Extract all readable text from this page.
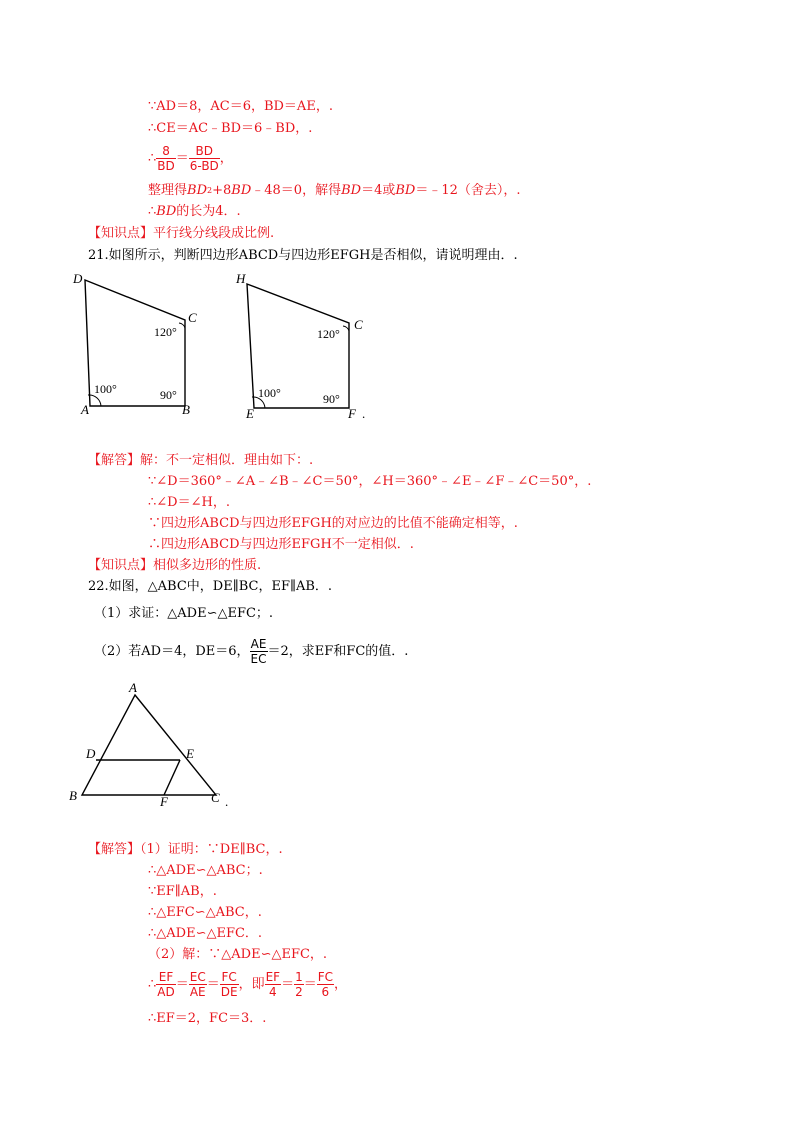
∵AD＝8，AC＝6，BD＝AE，.
∴CE＝AC﹣BD＝6﹣BD，.
∴ $\frac{8}{BD} = \frac{BD}{6-BD}$ ，
整理得$BD^2+8BD﹣48=0$，解得BD＝4或BD＝﹣12（舍去），.
∴BD的长为4．.
【知识点】平行线分线段成比例.
21.如图所示，判断四边形ABCD与四边形EFGH是否相似，请说明理由．.
D
C
120°
100°	90°
A	B
H
C
120°
100°	90°
E	F .
【解答】解：不一定相似．理由如下：.
∵∠D＝360°﹣∠A﹣∠B﹣∠C＝50°，∠H＝360°﹣∠E﹣∠F﹣∠C＝50°，.
∴∠D＝∠H，.
∵四边形ABCD与四边形EFGH的对应边的比值不能确定相等，.
∴四边形ABCD与四边形EFGH不一定相似．.
【知识点】相似多边形的性质.
22.如图，△ABC中，DE∥BC，EF∥AB．.
（1）求证：△ADE∽△EFC；.
（2）若AD＝4，DE＝6， $\frac{AE}{EC} =2$，求EF和FC的值．.
A
D	E
B	F	C .
【解答】（1）证明：∵DE∥BC，.
∴△ADE∽△ABC；.
∵EF∥AB，.
∴△EFC∽△ABC，.
∴△ADE∽△EFC．.
（2）解：∵△ADE∽△EFC，.
∴ $\frac{EF}{AD} = \frac{EC}{AE} = \frac{FC}{DE}$ ，即 $\frac{EF}{4} = \frac{1}{2} = \frac{FC}{6}$ ，
∴EF＝2，FC＝3．.
